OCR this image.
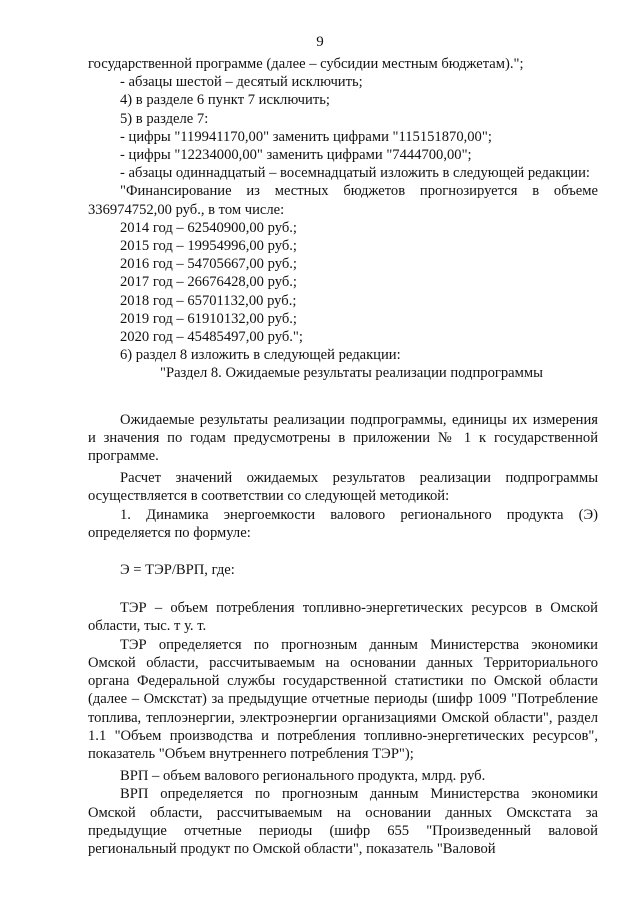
9

государственной программе (далее – субсидии местным бюджетам).";

- абзацы шестой – десятый исключить;

4) в разделе 6 пункт 7 исключить;

5) в разделе 7:

- цифры "119941170,00" заменить цифрами "115151870,00";

- цифры "12234000,00" заменить цифрами "7444700,00";

- абзацы одиннадцатый – восемнадцатый изложить в следующей редакции:

"Финансирование из местных бюджетов прогнозируется в объеме 336974752,00 руб., в том числе:

2014 год – 62540900,00 руб.;
2015 год – 19954996,00 руб.;
2016 год – 54705667,00 руб.;
2017 год – 26676428,00 руб.;
2018 год – 65701132,00 руб.;
2019 год – 61910132,00 руб.;
2020 год – 45485497,00 руб.";

6) раздел 8 изложить в следующей редакции:

"Раздел 8. Ожидаемые результаты реализации подпрограммы

Ожидаемые результаты реализации подпрограммы, единицы их измерения и значения по годам предусмотрены в приложении № 1 к государственной программе.

Расчет значений ожидаемых результатов реализации подпрограммы осуществляется в соответствии со следующей методикой:

1. Динамика энергоемкости валового регионального продукта (Э) определяется по формуле:

Э = ТЭР/ВРП, где:

ТЭР – объем потребления топливно-энергетических ресурсов в Омской области, тыс. т у. т.

ТЭР определяется по прогнозным данным Министерства экономики Омской области, рассчитываемым на основании данных Территориального органа Федеральной службы государственной статистики по Омской области (далее – Омскстат) за предыдущие отчетные периоды (шифр 1009 "Потребление топлива, теплоэнергии, электроэнергии организациями Омской области", раздел 1.1 "Объем производства и потребления топливно-энергетических ресурсов", показатель "Объем внутреннего потребления ТЭР");

ВРП – объем валового регионального продукта, млрд. руб.

ВРП определяется по прогнозным данным Министерства экономики Омской области, рассчитываемым на основании данных Омскстата за предыдущие отчетные периоды (шифр 655 "Произведенный валовой региональный продукт по Омской области", показатель "Валовой
